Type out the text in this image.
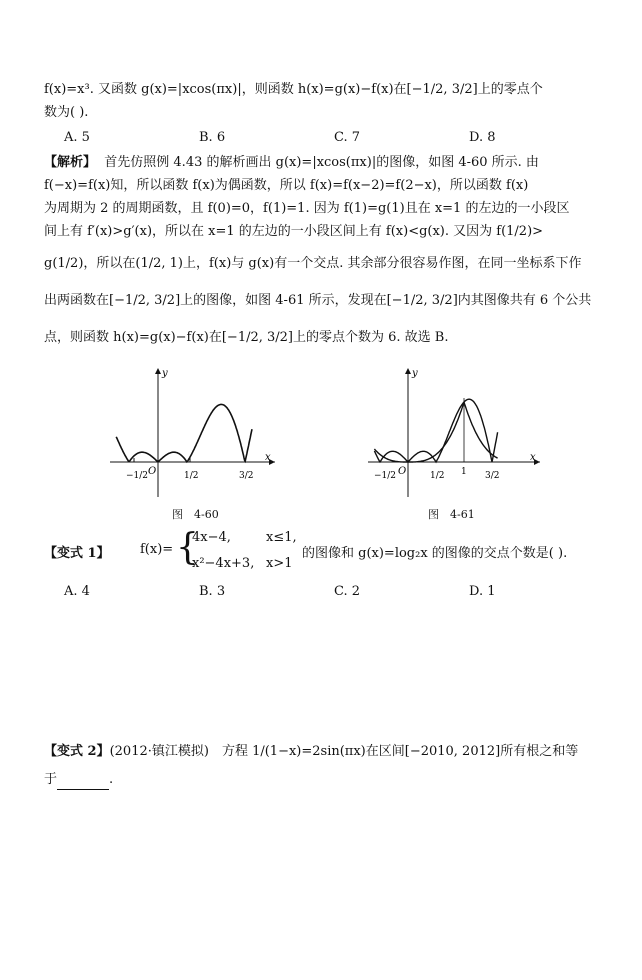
f(x)=x³. 又函数 g(x)=|xcos(πx)|，则函数 h(x)=g(x)−f(x)在[−1/2, 3/2]上的零点个
数为( ).
A. 5	B. 6	C. 7	D. 8
【解析】 首先仿照例 4.43 的解析画出 g(x)=|xcos(πx)|的图像，如图 4-60 所示. 由
f(−x)=f(x)知，所以函数 f(x)为偶函数，所以 f(x)=f(x−2)=f(2−x)，所以函数 f(x)
为周期为 2 的周期函数，且 f(0)=0，f(1)=1. 因为 f(1)=g(1)且在 x=1 的左边的一小段区
间上有 f′(x)>g′(x)，所以在 x=1 的左边的一小段区间上有 f(x)<g(x). 又因为 f(1/2)>
g(1/2)，所以在(1/2, 1)上，f(x)与 g(x)有一个交点. 其余部分很容易作图，在同一坐标系下作
出两函数在[−1/2, 3/2]上的图像，如图 4-61 所示，发现在[−1/2, 3/2]内其图像共有 6 个公共
点，则函数 h(x)=g(x)−f(x)在[−1/2, 3/2]上的零点个数为 6. 故选 B.
y
x
O
−1/2	1/2	3/2
图　4-60
y
x
O
−1/2	1/2 1 3/2
图　4-61
【变式 1】 f(x)= {
4x−4,	x≤1,
x²−4x+3, x>1
的图像和 g(x)=log₂x 的图像的交点个数是( ).
A. 4	B. 3	C. 2	D. 1
【变式 2】(2012·镇江模拟)　方程 1/(1−x)=2sin(πx)在区间[−2010, 2012]所有根之和等
于	.
